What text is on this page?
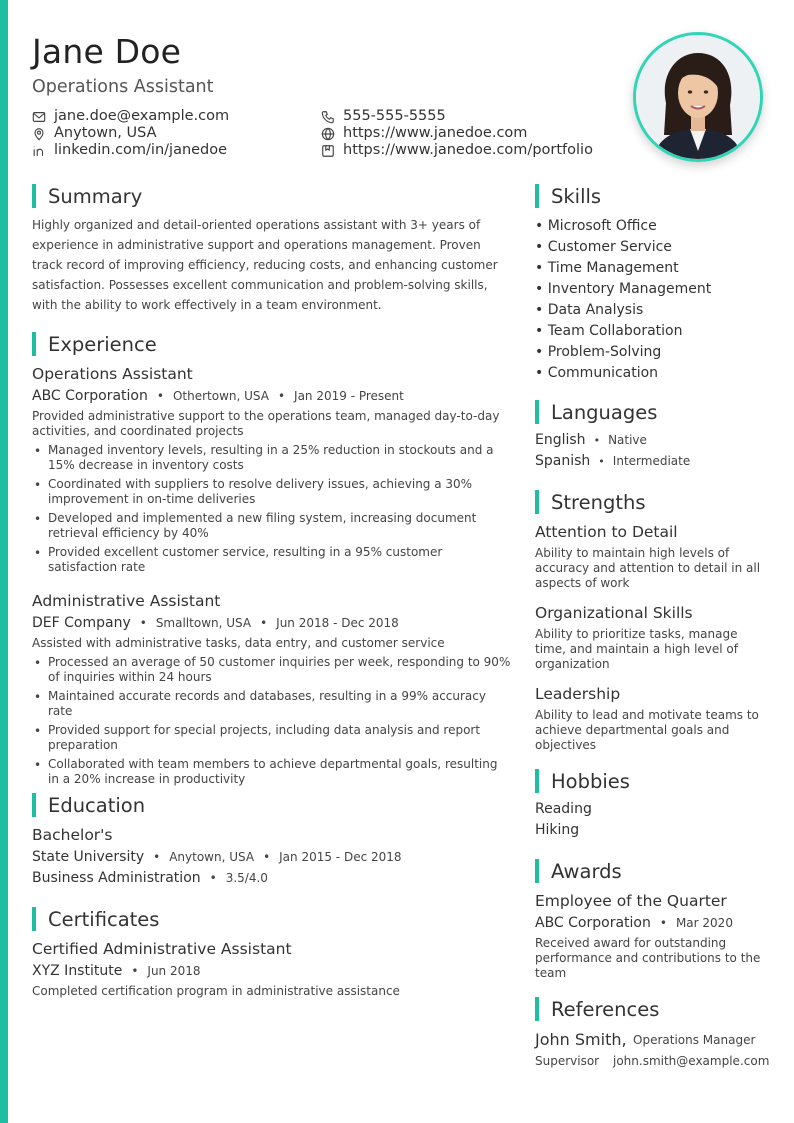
Jane Doe
Operations Assistant
jane.doe@example.com
Anytown, USA
linkedin.com/in/janedoe
555-555-5555
https://www.janedoe.com
https://www.janedoe.com/portfolio
Summary
Highly organized and detail-oriented operations assistant with 3+ years of experience in administrative support and operations management. Proven track record of improving efficiency, reducing costs, and enhancing customer satisfaction. Possesses excellent communication and problem-solving skills, with the ability to work effectively in a team environment.
Experience
Operations Assistant
ABC Corporation • Othertown, USA • Jan 2019 - Present
Provided administrative support to the operations team, managed day-to-day activities, and coordinated projects
• Managed inventory levels, resulting in a 25% reduction in stockouts and a 15% decrease in inventory costs
• Coordinated with suppliers to resolve delivery issues, achieving a 30% improvement in on-time deliveries
• Developed and implemented a new filing system, increasing document retrieval efficiency by 40%
• Provided excellent customer service, resulting in a 95% customer satisfaction rate
Administrative Assistant
DEF Company • Smalltown, USA • Jun 2018 - Dec 2018
Assisted with administrative tasks, data entry, and customer service
• Processed an average of 50 customer inquiries per week, responding to 90% of inquiries within 24 hours
• Maintained accurate records and databases, resulting in a 99% accuracy rate
• Provided support for special projects, including data analysis and report preparation
• Collaborated with team members to achieve departmental goals, resulting in a 20% increase in productivity
Education
Bachelor's
State University • Anytown, USA • Jan 2015 - Dec 2018
Business Administration • 3.5/4.0
Certificates
Certified Administrative Assistant
XYZ Institute • Jun 2018
Completed certification program in administrative assistance
Skills
• Microsoft Office
• Customer Service
• Time Management
• Inventory Management
• Data Analysis
• Team Collaboration
• Problem-Solving
• Communication
Languages
English • Native
Spanish • Intermediate
Strengths
Attention to Detail
Ability to maintain high levels of accuracy and attention to detail in all aspects of work
Organizational Skills
Ability to prioritize tasks, manage time, and maintain a high level of organization
Leadership
Ability to lead and motivate teams to achieve departmental goals and objectives
Hobbies
Reading
Hiking
Awards
Employee of the Quarter
ABC Corporation • Mar 2020
Received award for outstanding performance and contributions to the team
References
John Smith, Operations Manager
Supervisor john.smith@example.com
